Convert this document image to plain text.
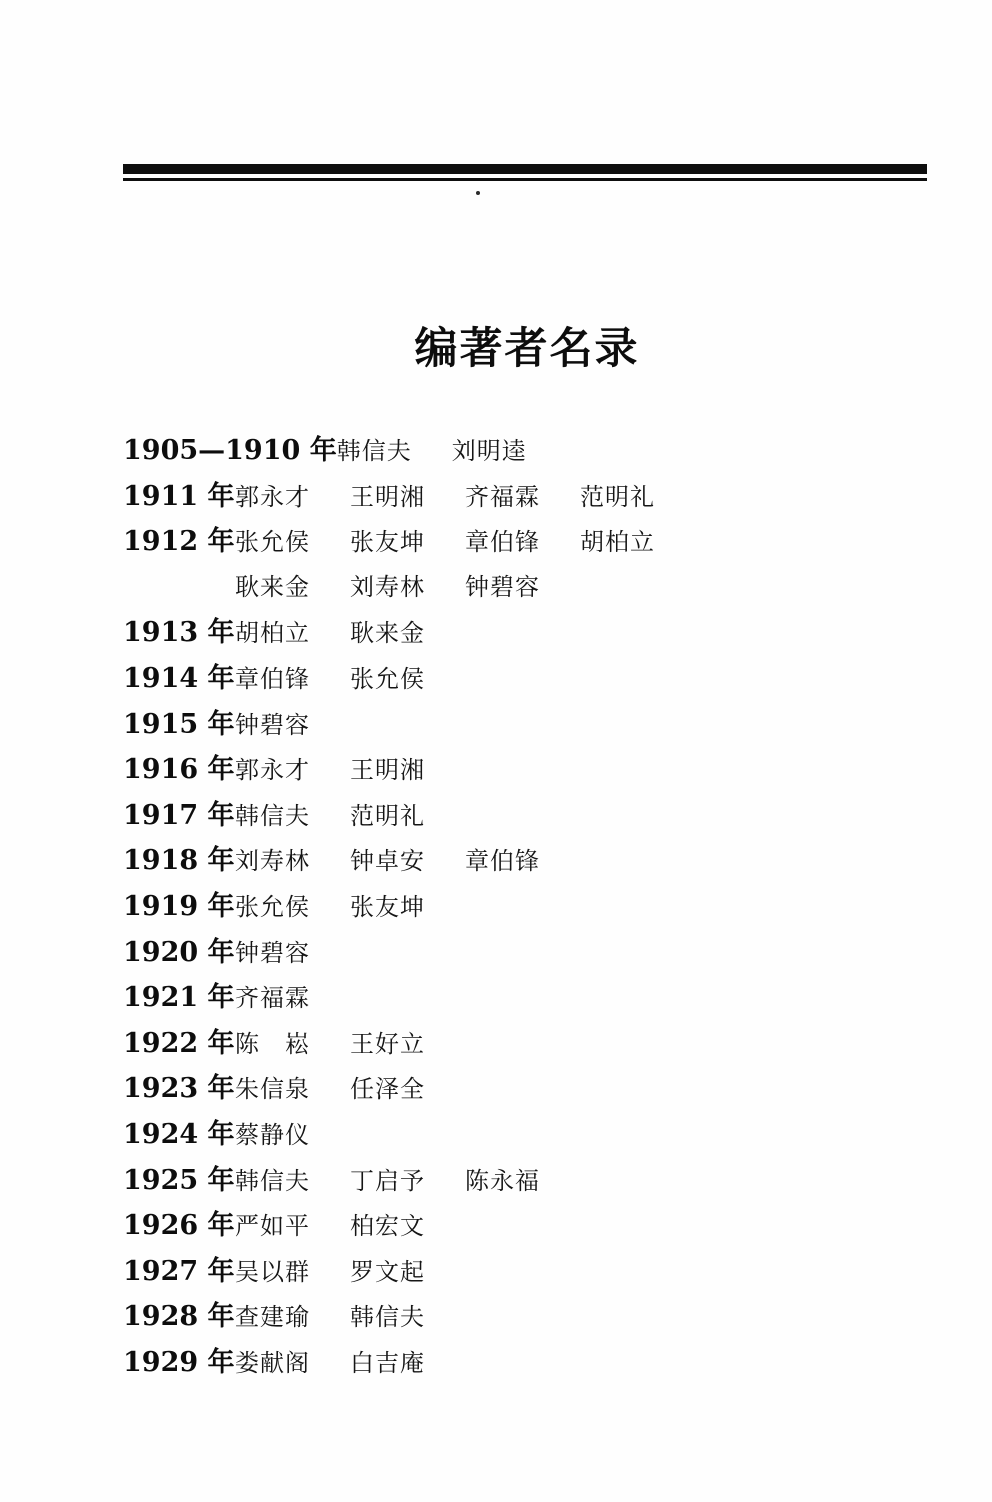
编著者名录
1905—1910 年韩信夫 刘明逵
1911 年郭永才 王明湘 齐福霖 范明礼
1912 年张允侯 张友坤 章伯锋 胡柏立
耿来金 刘寿林 钟碧容
1913 年胡柏立 耿来金
1914 年章伯锋 张允侯
1915 年钟碧容
1916 年郭永才 王明湘
1917 年韩信夫 范明礼
1918 年刘寿林 钟卓安 章伯锋
1919 年张允侯 张友坤
1920 年钟碧容
1921 年齐福霖
1922 年陈　崧 王好立
1923 年朱信泉 任泽全
1924 年蔡静仪
1925 年韩信夫 丁启予 陈永福
1926 年严如平 柏宏文
1927 年吴以群 罗文起
1928 年查建瑜 韩信夫
1929 年娄献阁 白吉庵
